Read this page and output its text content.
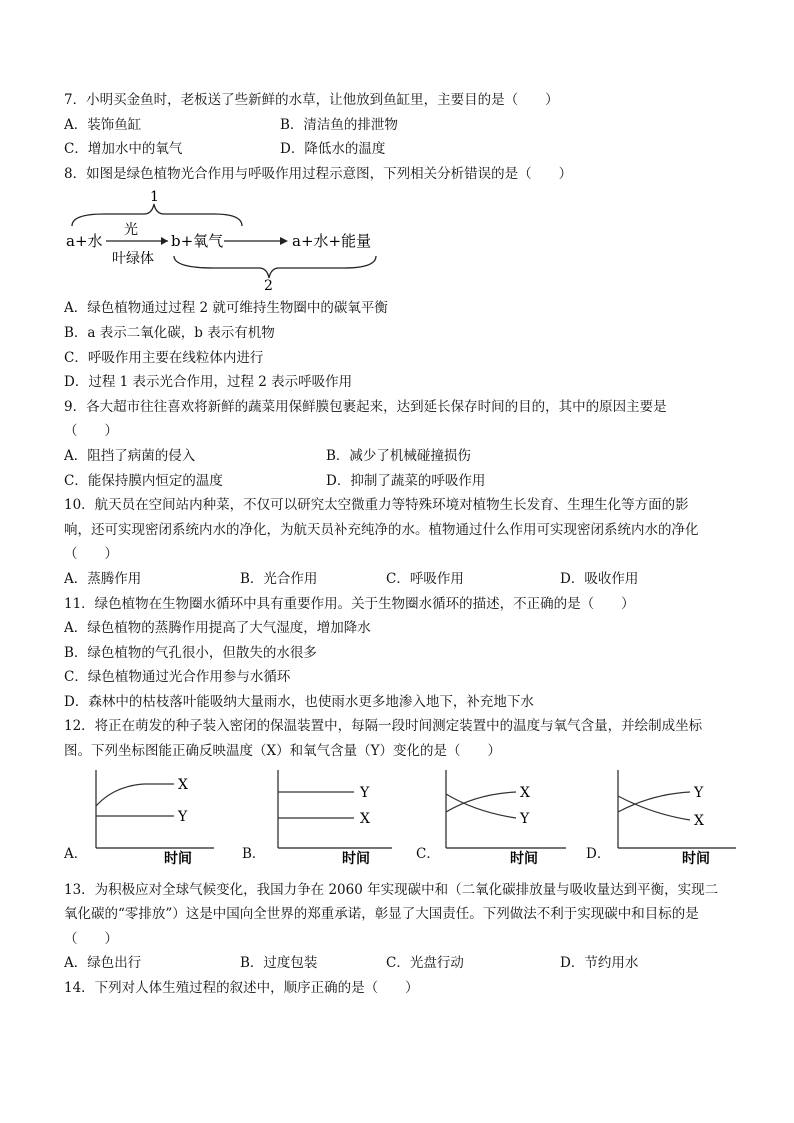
7．小明买金鱼时，老板送了些新鲜的水草，让他放到鱼缸里，主要目的是（　　）
A．装饰鱼缸	B．清洁鱼的排泄物
C．增加水中的氧气	D．降低水的温度
8．如图是绿色植物光合作用与呼吸作用过程示意图，下列相关分析错误的是（　　）
1
a+水
光
叶绿体
b+氧气	a+水+能量
2
A．绿色植物通过过程 2 就可维持生物圈中的碳氧平衡
B．a 表示二氧化碳，b 表示有机物
C．呼吸作用主要在线粒体内进行
D．过程 1 表示光合作用，过程 2 表示呼吸作用
9．各大超市往往喜欢将新鲜的蔬菜用保鲜膜包裹起来，达到延长保存时间的目的，其中的原因主要是
（　　）
A．阻挡了病菌的侵入	B．减少了机械碰撞损伤
C．能保持膜内恒定的温度	D．抑制了蔬菜的呼吸作用
10．航天员在空间站内种菜，不仅可以研究太空微重力等特殊环境对植物生长发育、生理生化等方面的影
响，还可实现密闭系统内水的净化，为航天员补充纯净的水。植物通过什么作用可实现密闭系统内水的净化
（　　）
A．蒸腾作用	B．光合作用	C．呼吸作用	D．吸收作用
11．绿色植物在生物圈水循环中具有重要作用。关于生物圈水循环的描述，不正确的是（　　）
A．绿色植物的蒸腾作用提高了大气湿度，增加降水
B．绿色植物的气孔很小，但散失的水很多
C．绿色植物通过光合作用参与水循环
D．森林中的枯枝落叶能吸纳大量雨水，也使雨水更多地渗入地下，补充地下水
12．将正在萌发的种子装入密闭的保温装置中，每隔一段时间测定装置中的温度与氧气含量，并绘制成坐标
图。下列坐标图能正确反映温度（X）和氧气含量（Y）变化的是（　　）
A．
X
Y
时间	B．
Y
X
时间	C．
X
Y
时间	D．
Y
X
时间
13．为积极应对全球气候变化，我国力争在 2060 年实现碳中和（二氧化碳排放量与吸收量达到平衡，实现二
氧化碳的“零排放”）这是中国向全世界的郑重承诺，彰显了大国责任。下列做法不利于实现碳中和目标的是
（　　）
A．绿色出行	B．过度包装	C．光盘行动	D．节约用水
14．下列对人体生殖过程的叙述中，顺序正确的是（　　）
